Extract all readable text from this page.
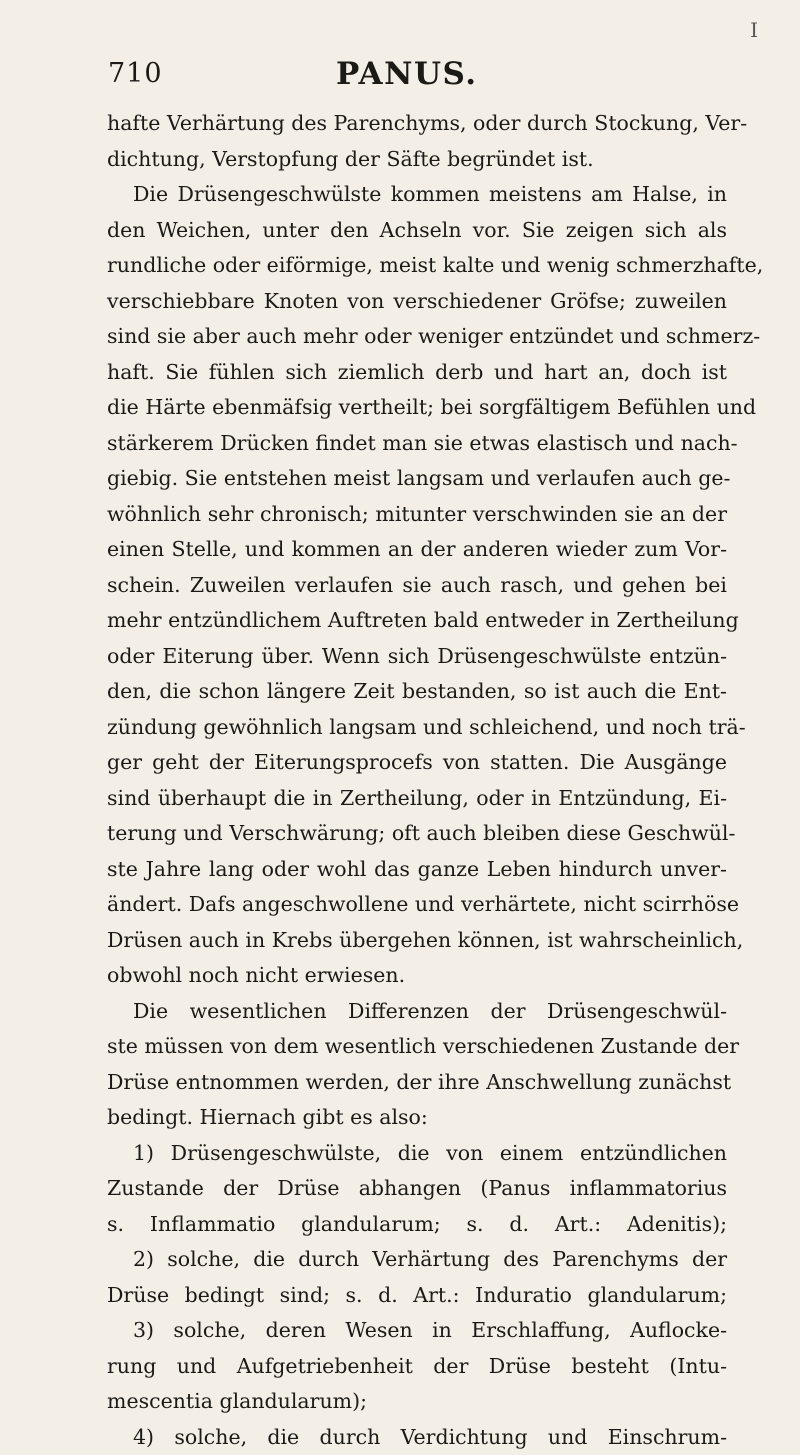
710	PANUS.
I
hafte Verhärtung des Parenchyms, oder durch Stockung, Ver-
dichtung, Verstopfung der Säfte begründet ist.
Die Drüsengeschwülste kommen meistens am Halse, in
den Weichen, unter den Achseln vor. Sie zeigen sich als
rundliche oder eiförmige, meist kalte und wenig schmerzhafte,
verschiebbare Knoten von verschiedener Gröfse; zuweilen
sind sie aber auch mehr oder weniger entzündet und schmerz-
haft. Sie fühlen sich ziemlich derb und hart an, doch ist
die Härte ebenmäfsig vertheilt; bei sorgfältigem Befühlen und
stärkerem Drücken findet man sie etwas elastisch und nach-
giebig. Sie entstehen meist langsam und verlaufen auch ge-
wöhnlich sehr chronisch; mitunter verschwinden sie an der
einen Stelle, und kommen an der anderen wieder zum Vor-
schein. Zuweilen verlaufen sie auch rasch, und gehen bei
mehr entzündlichem Auftreten bald entweder in Zertheilung
oder Eiterung über. Wenn sich Drüsengeschwülste entzün-
den, die schon längere Zeit bestanden, so ist auch die Ent-
zündung gewöhnlich langsam und schleichend, und noch trä-
ger geht der Eiterungsprocefs von statten. Die Ausgänge
sind überhaupt die in Zertheilung, oder in Entzündung, Ei-
terung und Verschwärung; oft auch bleiben diese Geschwül-
ste Jahre lang oder wohl das ganze Leben hindurch unver-
ändert. Dafs angeschwollene und verhärtete, nicht scirrhöse
Drüsen auch in Krebs übergehen können, ist wahrscheinlich,
obwohl noch nicht erwiesen.
Die wesentlichen Differenzen der Drüsengeschwül-
ste müssen von dem wesentlich verschiedenen Zustande der
Drüse entnommen werden, der ihre Anschwellung zunächst
bedingt. Hiernach gibt es also:
1) Drüsengeschwülste, die von einem entzündlichen
Zustande der Drüse abhangen (Panus inflammatorius
s. Inflammatio glandularum; s. d. Art.: Adenitis);
2) solche, die durch Verhärtung des Parenchyms der
Drüse bedingt sind; s. d. Art.: Induratio glandularum;
3) solche, deren Wesen in Erschlaffung, Auflocke-
rung und Aufgetriebenheit der Drüse besteht (Intu-
mescentia glandularum);
4) solche, die durch Verdichtung und Einschrum-
